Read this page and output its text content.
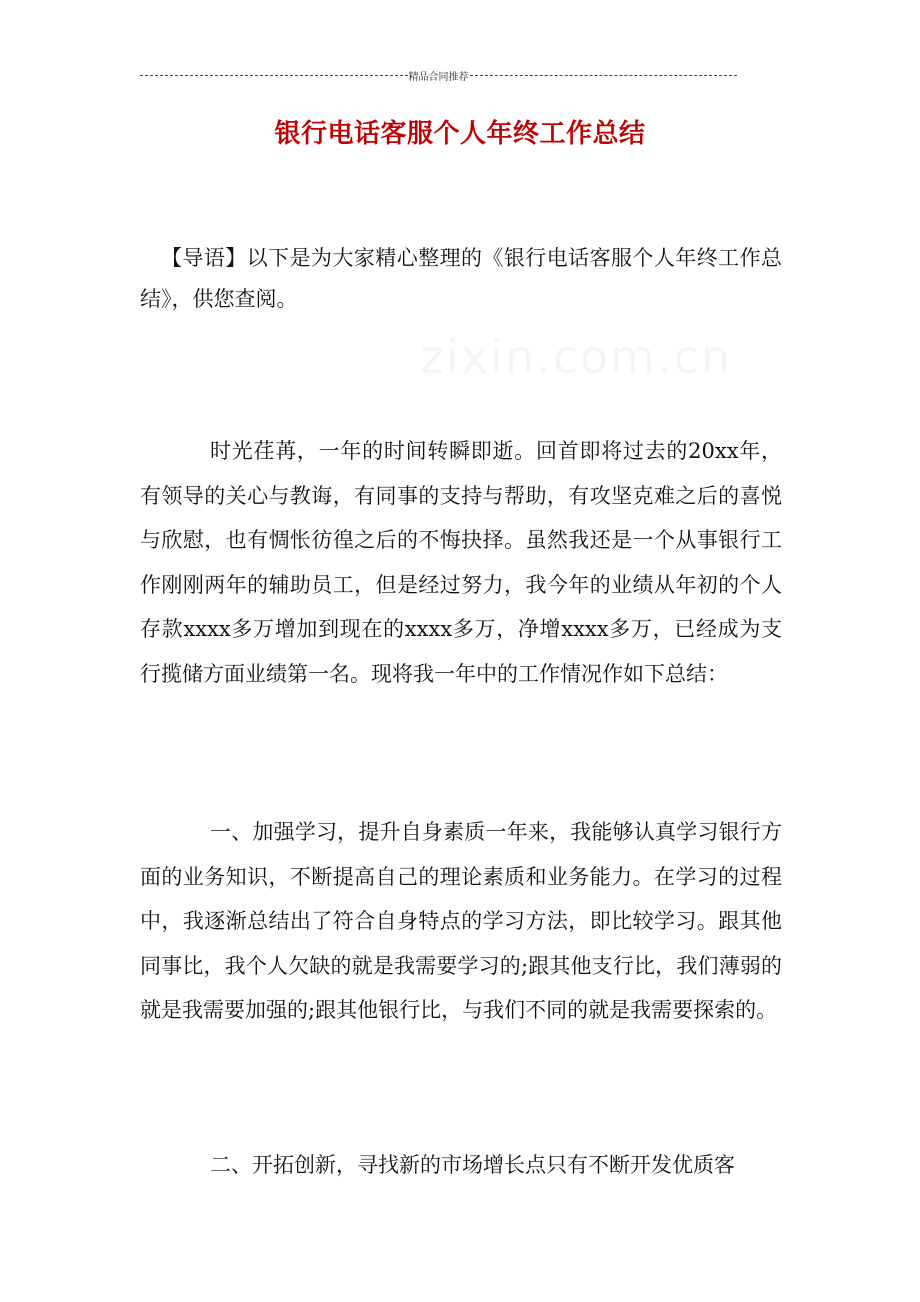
精品合同推荐
银行电话客服个人年终工作总结

【导语】以下是为大家精心整理的《银行电话客服个人年终工作总结》，供您查阅。

时光荏苒，一年的时间转瞬即逝。回首即将过去的20xx年，有领导的关心与教诲，有同事的支持与帮助，有攻坚克难之后的喜悦与欣慰，也有惆怅彷徨之后的不悔抉择。虽然我还是一个从事银行工作刚刚两年的辅助员工，但是经过努力，我今年的业绩从年初的个人存款xxxx多万增加到现在的xxxx多万，净增xxxx多万，已经成为支行揽储方面业绩第一名。现将我一年中的工作情况作如下总结：

一、加强学习，提升自身素质一年来，我能够认真学习银行方面的业务知识，不断提高自己的理论素质和业务能力。在学习的过程中，我逐渐总结出了符合自身特点的学习方法，即比较学习。跟其他同事比，我个人欠缺的就是我需要学习的;跟其他支行比，我们薄弱的就是我需要加强的;跟其他银行比，与我们不同的就是我需要探索的。

二、开拓创新，寻找新的市场增长点只有不断开发优质客
